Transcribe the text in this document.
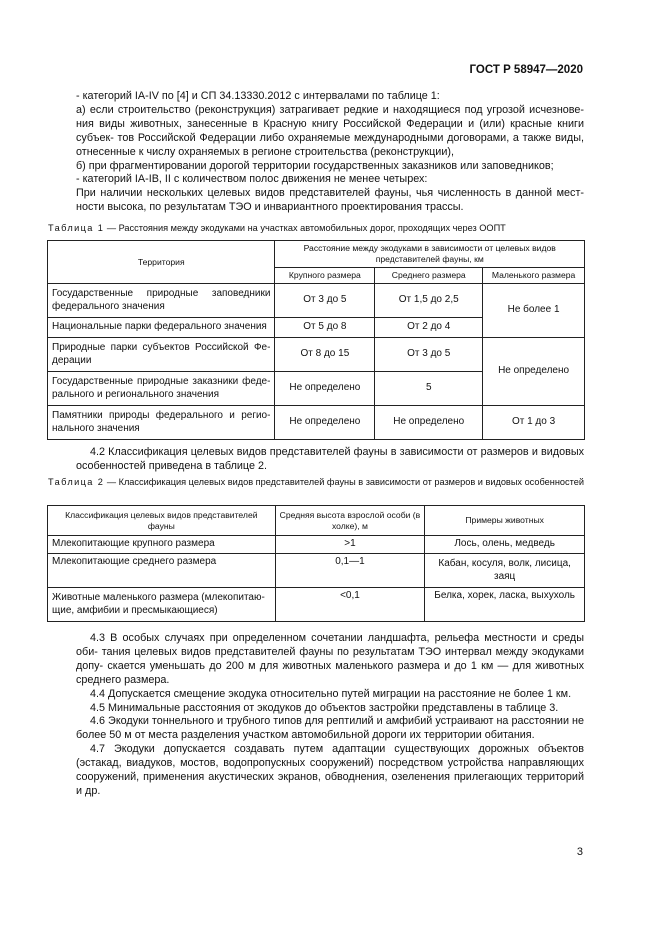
ГОСТ Р 58947—2020

- категорий IA-IV по [4] и СП 34.13330.2012 с интервалами по таблице 1:

а) если строительство (реконструкция) затрагивает редкие и находящиеся под угрозой исчезнове- ния виды животных, занесенные в Красную книгу Российской Федерации и (или) красные книги субъек- тов Российской Федерации либо охраняемые международными договорами, а также виды, отнесенные к числу охраняемых в регионе строительства (реконструкции),

б) при фрагментировании дорогой территории государственных заказников или заповедников;

- категорий IA-IB, II с количеством полос движения не менее четырех:

При наличии нескольких целевых видов представителей фауны, чья численность в данной мест- ности высока, по результатам ТЭО и инвариантного проектирования трассы.

Таблица 1 — Расстояния между экодуками на участках автомобильных дорог, проходящих через ООПТ
Территория	Расстояние между экодуками в зависимости от целевых видов представителей фауны, км		
	Крупного размера	Среднего размера	Маленького размера
Государственные природные заповедники федерального значения	От 3 до 5	От 1,5 до 2,5	Не более 1
Национальные парки федерального значения	От 5 до 8	От 2 до 4	
Природные парки субъектов Российской Фе- дерации	От 8 до 15	От 3 до 5	Не определено
Государственные природные заказники феде- рального и регионального значения	Не определено	5	
Памятники природы федерального и регио- нального значения	Не определено	Не определено	От 1 до 3

4.2 Классификация целевых видов представителей фауны в зависимости от размеров и видовых особенностей приведена в таблице 2.

Таблица 2 — Классификация целевых видов представителей фауны в зависимости от размеров и видовых особенностей
Классификация целевых видов представителей фауны	Средняя высота взрослой особи (в холке), м	Примеры животных
Млекопитающие крупного размера	>1	Лось, олень, медведь
Млекопитающие среднего размера	0,1—1	Кабан, косуля, волк, лисица, заяц
Животные маленького размера (млекопитаю- щие, амфибии и пресмыкающиеся)	<0,1	Белка, хорек, ласка, выхухоль

4.3 В особых случаях при определенном сочетании ландшафта, рельефа местности и среды оби- тания целевых видов представителей фауны по результатам ТЭО интервал между экодуками допу- скается уменьшать до 200 м для животных маленького размера и до 1 км — для животных среднего размера.

4.4 Допускается смещение экодука относительно путей миграции на расстояние не более 1 км.

4.5 Минимальные расстояния от экодуков до объектов застройки представлены в таблице 3.

4.6 Экодуки тоннельного и трубного типов для рептилий и амфибий устраивают на расстоянии не более 50 м от места разделения участком автомобильной дороги их территории обитания.

4.7 Экодуки допускается создавать путем адаптации существующих дорожных объектов (эстакад, виадуков, мостов, водопропускных сооружений) посредством устройства направляющих сооружений, применения акустических экранов, обводнения, озеленения прилегающих территорий и др.

3
